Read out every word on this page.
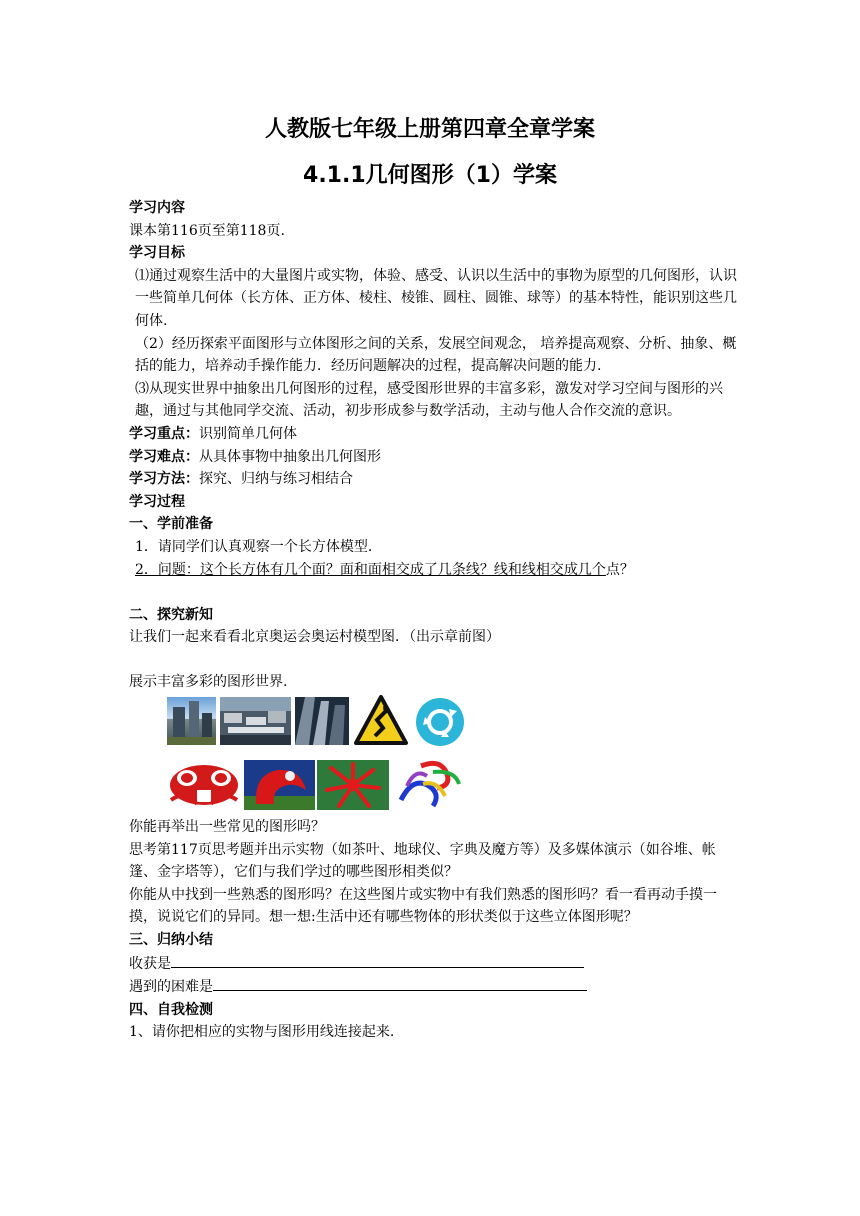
人教版七年级上册第四章全章学案
4.1.1几何图形（1）学案

学习内容

课本第116页至第118页.

学习目标

⑴通过观察生活中的大量图片或实物，体验、感受、认识以生活中的事物为原型的几何图形，认识一些简单几何体（长方体、正方体、棱柱、棱锥、圆柱、圆锥、球等）的基本特性，能识别这些几何体.

（2）经历探索平面图形与立体图形之间的关系，发展空间观念， 培养提高观察、分析、抽象、概括的能力，培养动手操作能力．经历问题解决的过程，提高解决问题的能力.

⑶从现实世界中抽象出几何图形的过程，感受图形世界的丰富多彩，激发对学习空间与图形的兴趣，通过与其他同学交流、活动，初步形成参与数学活动，主动与他人合作交流的意识。

学习重点：识别简单几何体

学习难点：从具体事物中抽象出几何图形

学习方法：探究、归纳与练习相结合

学习过程

一、学前准备

1．请同学们认真观察一个长方体模型.

2．问题：这个长方体有几个面？面和面相交成了几条线？线和线相交成几个点？

二、探究新知

让我们一起来看看北京奥运会奥运村模型图．（出示章前图）

展示丰富多彩的图形世界.

你能再举出一些常见的图形吗？

思考第117页思考题并出示实物（如茶叶、地球仪、字典及魔方等）及多媒体演示（如谷堆、帐篷、金字塔等），它们与我们学过的哪些图形相类似？

你能从中找到一些熟悉的图形吗？在这些图片或实物中有我们熟悉的图形吗？看一看再动手摸一摸，说说它们的异同。想一想:生活中还有哪些物体的形状类似于这些立体图形呢？

三、归纳小结

收获是

遇到的困难是

四、自我检测

1、请你把相应的实物与图形用线连接起来.
